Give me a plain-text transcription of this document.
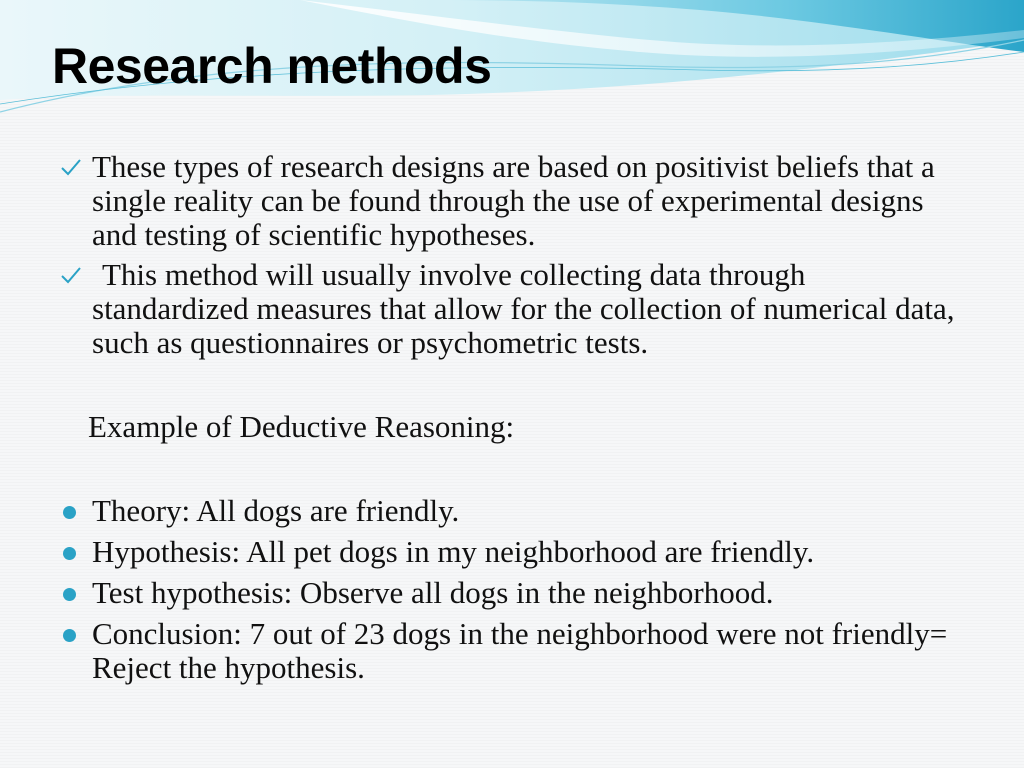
Research methods
These types of research designs are based on positivist beliefs that a single reality can be found through the use of experimental designs and testing of scientific hypotheses.
This method will usually involve collecting data through standardized measures that allow for the collection of numerical data, such as questionnaires or psychometric tests.
Example of Deductive Reasoning:
Theory: All dogs are friendly.
Hypothesis: All pet dogs in my neighborhood are friendly.
Test hypothesis: Observe all dogs in the neighborhood.
Conclusion: 7 out of 23 dogs in the neighborhood were not friendly= Reject the hypothesis.
